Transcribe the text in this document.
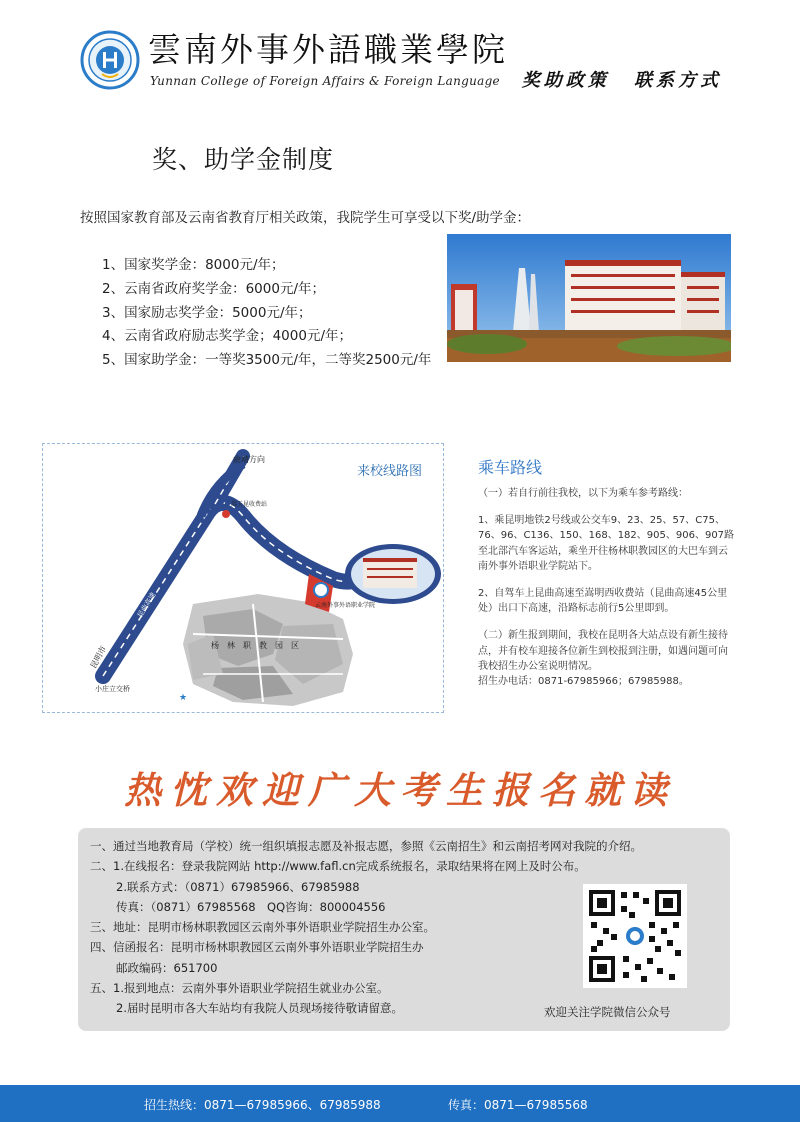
雲南外事外語職業學院
Yunnan College of Foreign Affairs & Foreign Language	奖助政策 联系方式
奖、助学金制度
按照国家教育部及云南省教育厅相关政策，我院学生可享受以下奖/助学金：
1、国家奖学金：8000元/年；
2、云南省政府奖学金：6000元/年；
3、国家励志奖学金：5000元/年；
4、云南省政府励志奖学金；4000元/年；
5、国家助学金：一等奖3500元/年，二等奖2500元/年
★
曲靖方向
昆明市
小庄立交桥
昆曲高速
嵩玉昆收费站
云南外事外语职业学院
杨　林　职　教　园　区
来校线路图	乘车路线

（一）若自行前往我校，以下为乘车参考路线：

1、乘昆明地铁2号线或公交车9、23、25、57、C75、76、96、C136、150、168、182、905、906、907路至北部汽车客运站，乘坐开往杨林职教园区的大巴车到云南外事外语职业学院站下。

2、自驾车上昆曲高速至嵩明西收费站（昆曲高速45公里处）出口下高速，沿路标志前行5公里即到。

（二）新生报到期间，我校在昆明各大站点设有新生接待点，并有校车迎接各位新生到校报到注册，如遇问题可向我校招生办公室说明情况。

招生办电话：0871-67985966；67985988。

热忱欢迎广大考生报名就读
一、通过当地教育局（学校）统一组织填报志愿及补报志愿，参照《云南招生》和云南招考网对我院的介绍。
二、1.在线报名：登录我院网站 http://www.fafl.cn完成系统报名，录取结果将在网上及时公布。
2.联系方式：（0871）67985966、67985988
传真：（0871）67985568　QQ咨询：800004556
三、地址：昆明市杨林职教园区云南外事外语职业学院招生办公室。
四、信函报名：昆明市杨林职教园区云南外事外语职业学院招生办
邮政编码：651700
五、1.报到地点：云南外事外语职业学院招生就业办公室。
2.届时昆明市各大车站均有我院人员现场接待敬请留意。	欢迎关注学院微信公众号
招生热线：0871—67985966、67985988	传真：0871—67985568
